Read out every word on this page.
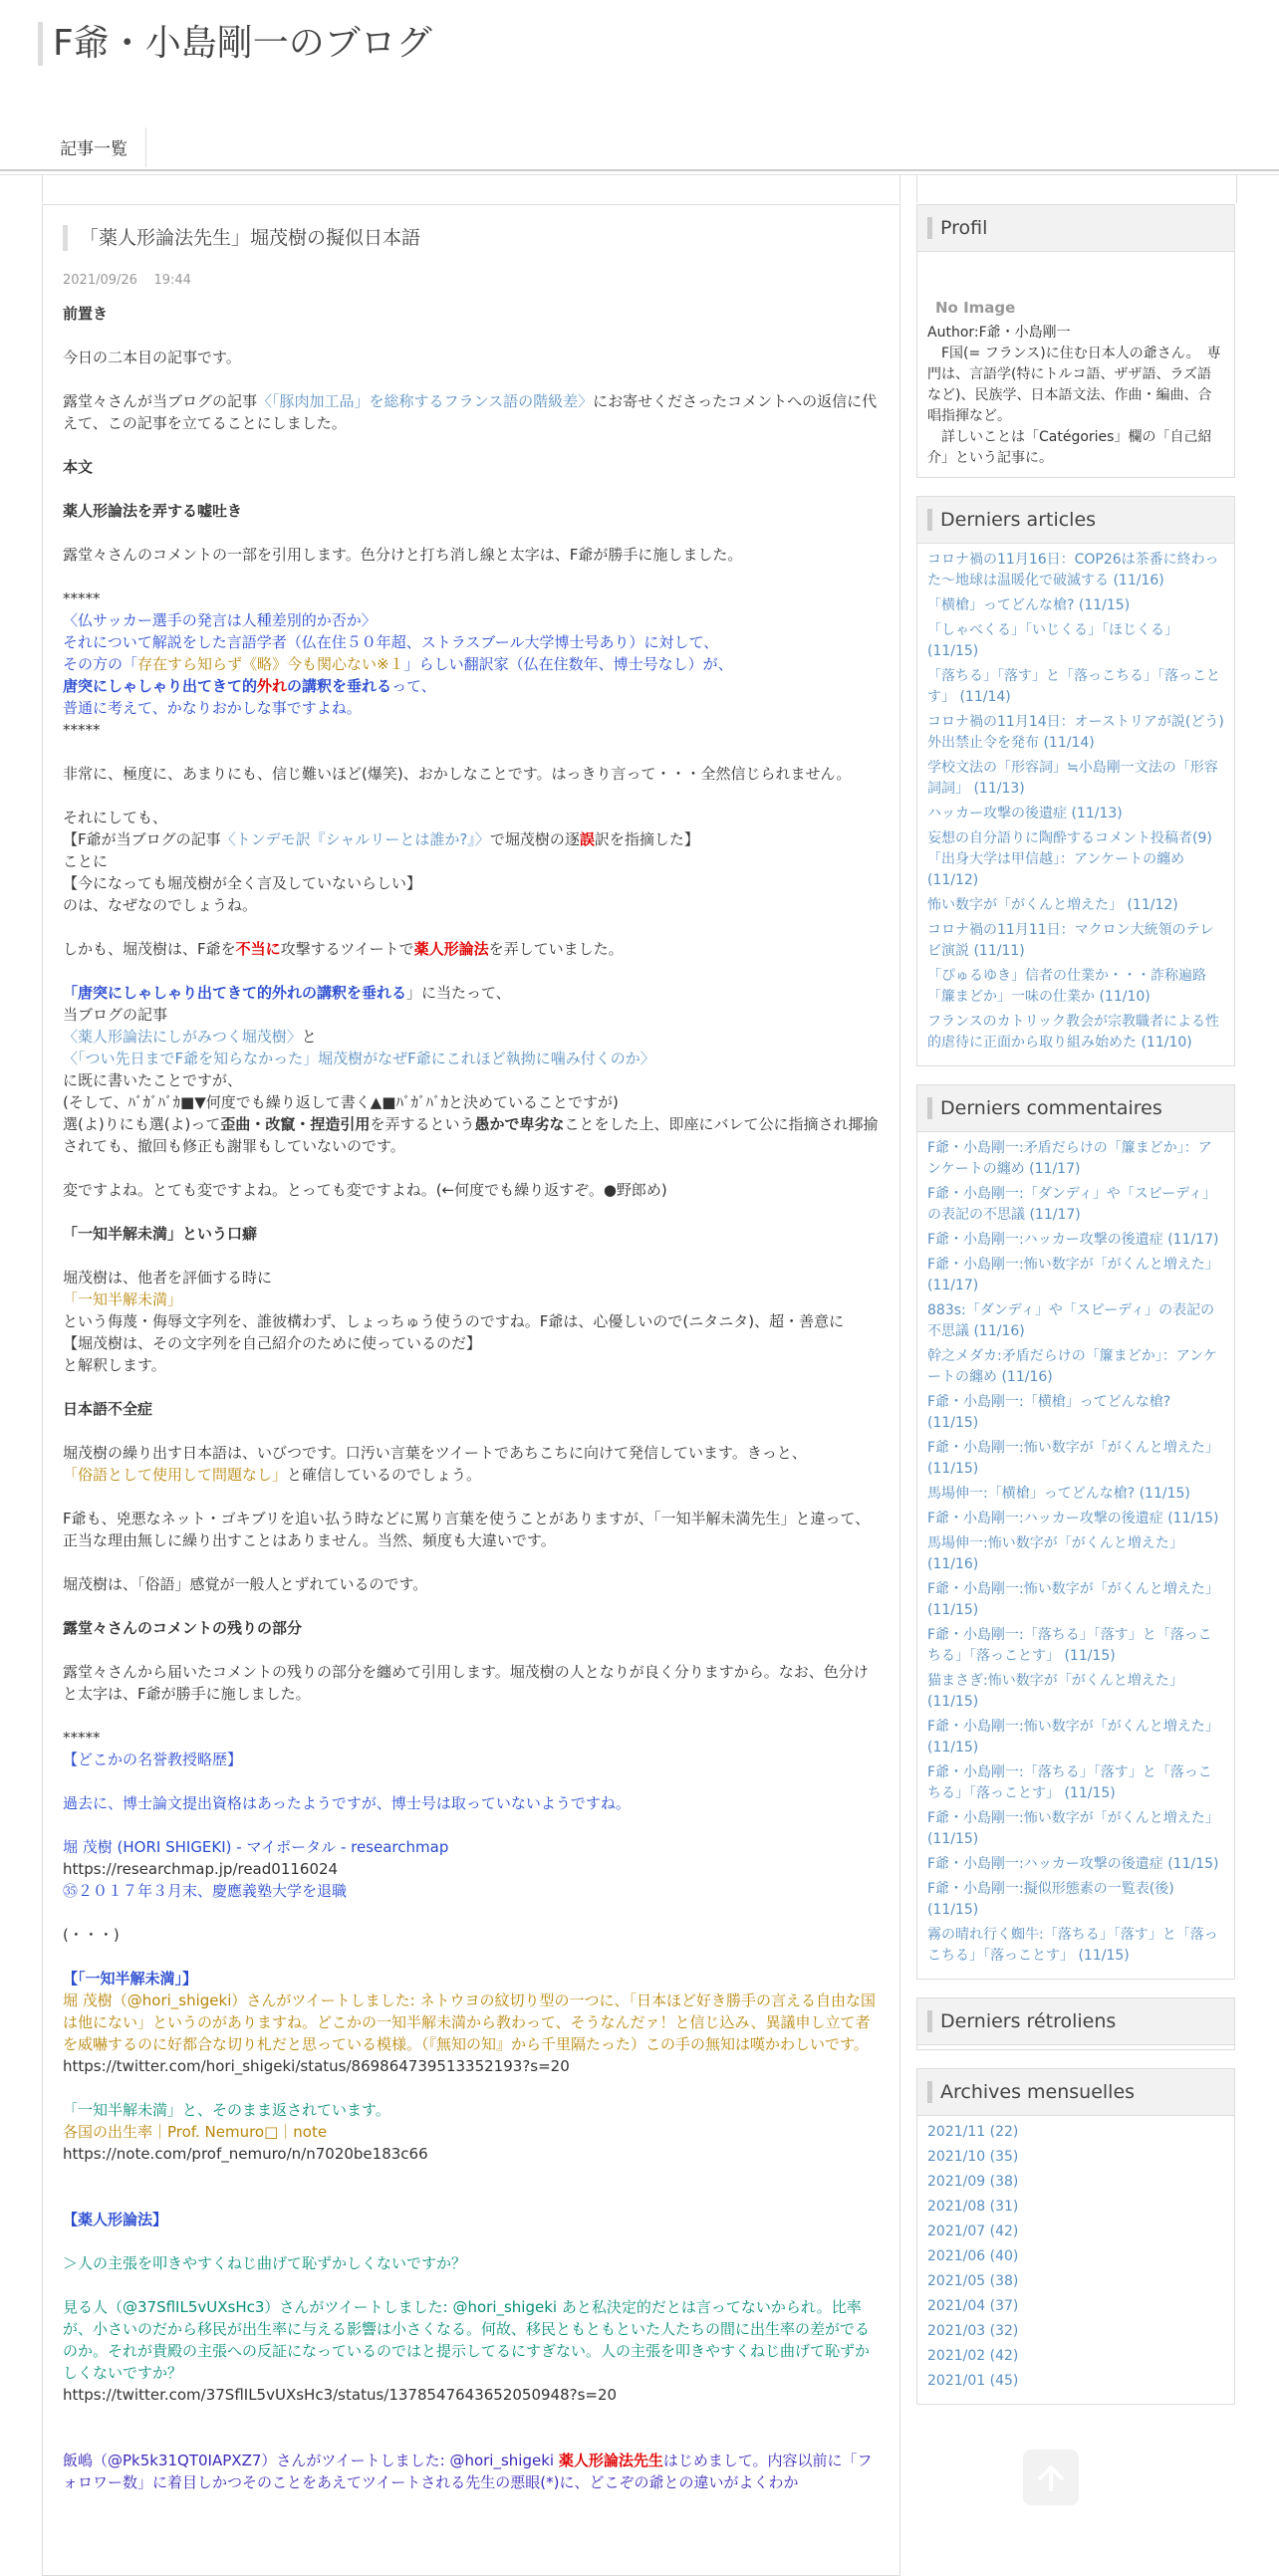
F爺・小島剛一のブログ
記事一覧
「薬人形論法先生」堀茂樹の擬似日本語
2021/09/26 19:44

前置き

今日の二本目の記事です。

露堂々さんが当ブログの記事〈「豚肉加工品」を総称するフランス語の階級差〉にお寄せくださったコメントへの返信に代えて、この記事を立てることにしました。

本文

薬人形論法を弄する嘘吐き

露堂々さんのコメントの一部を引用します。色分けと打ち消し線と太字は、F爺が勝手に施しました。

*****

〈仏サッカー選手の発言は人種差別的か否か〉

それについて解説をした言語学者（仏在住５０年超、ストラスブール大学博士号あり）に対して、

その方の「存在すら知らず《略》今も関心ない※１」らしい翻訳家（仏在住数年、博士号なし）が、

唐突にしゃしゃり出てきて的外れの講釈を垂れるって、

普通に考えて、かなりおかしな事ですよね。

*****

非常に、極度に、あまりにも、信じ難いほど(爆笑)、おかしなことです。はっきり言って・・・全然信じられません。

それにしても、

【F爺が当ブログの記事〈トンデモ訳『シャルリーとは誰か?』〉で堀茂樹の逐誤訳を指摘した】

ことに

【今になっても堀茂樹が全く言及していないらしい】

のは、なぜなのでしょうね。

しかも、堀茂樹は、F爺を不当に攻撃するツイートで薬人形論法を弄していました。

「唐突にしゃしゃり出てきて的外れの講釈を垂れる」に当たって、

当ブログの記事

〈薬人形論法にしがみつく堀茂樹〉と

〈「つい先日までF爺を知らなかった」堀茂樹がなぜF爺にこれほど執拗に噛み付くのか〉

に既に書いたことですが、

(そして、ﾊﾞｶﾞﾊﾞｶ■▼何度でも繰り返して書く▲■ﾊﾞｶﾞﾊﾞｶと決めていることですが)

選(よ)りにも選(よ)って歪曲・改竄・捏造引用を弄するという愚かで卑劣なことをした上、即座にバレて公に指摘され揶揄されても、撤回も修正も謝罪もしていないのです。

変ですよね。とても変ですよね。とっても変ですよね。(←何度でも繰り返すぞ。●野郎め)

「一知半解未満」という口癖

堀茂樹は、他者を評価する時に

「一知半解未満」

という侮蔑・侮辱文字列を、誰彼構わず、しょっちゅう使うのですね。F爺は、心優しいので(ニタニタ)、超・善意に

【堀茂樹は、その文字列を自己紹介のために使っているのだ】

と解釈します。

日本語不全症

堀茂樹の繰り出す日本語は、いびつです。口汚い言葉をツイートであちこちに向けて発信しています。きっと、

「俗語として使用して問題なし」と確信しているのでしょう。

F爺も、兇悪なネット・ゴキブリを追い払う時などに罵り言葉を使うことがありますが、「一知半解未満先生」と違って、正当な理由無しに繰り出すことはありません。当然、頻度も大違いです。

堀茂樹は、「俗語」感覚が一般人とずれているのです。

露堂々さんのコメントの残りの部分

露堂々さんから届いたコメントの残りの部分を纏めて引用します。堀茂樹の人となりが良く分りますから。なお、色分けと太字は、F爺が勝手に施しました。

*****

【どこかの名誉教授略歴】

過去に、博士論文提出資格はあったようですが、博士号は取っていないようですね。

堀 茂樹 (HORI SHIGEKI) - マイポータル - researchmap

https://researchmap.jp/read0116024

㉟２０１７年３月末、慶應義塾大学を退職

(・・・)

【「一知半解未満」】

堀 茂樹（@hori_shigeki）さんがツイートしました: ネトウヨの紋切り型の一つに、「日本ほど好き勝手の言える自由な国は他にない」というのがありますね。どこかの一知半解未満から教わって、そうなんだァ！と信じ込み、異議申し立て者を威嚇するのに好都合な切り札だと思っている模様。（『無知の知』から千里隔たった）この手の無知は嘆かわしいです。

https://twitter.com/hori_shigeki/status/869864739513352193?s=20

「一知半解未満」と、そのまま返されています。

各国の出生率｜Prof. Nemuro□｜note

https://note.com/prof_nemuro/n/n7020be183c66

【薬人形論法】

＞人の主張を叩きやすくねじ曲げて恥ずかしくないですか？

見る人（@37SflIL5vUXsHc3）さんがツイートしました: @hori_shigeki あと私決定的だとは言ってないかられ。比率が、小さいのだから移民が出生率に与える影響は小さくなる。何故、移民ともともといた人たちの間に出生率の差がでるのか。それが貴殿の主張への反証になっているのではと提示してるにすぎない。人の主張を叩きやすくねじ曲げて恥ずかしくないですか？

https://twitter.com/37SflIL5vUXsHc3/status/1378547643652050948?s=20

飯嶋（@Pk5k31QT0IAPXZ7）さんがツイートしました: @hori_shigeki 薬人形論法先生はじめまして。内容以前に「フォロワー数」に着目しかつそのことをあえてツイートされる先生の悪眼(*)に、どこぞの爺との違いがよくわか

Profil
No Image
Author:F爺・小島剛一
　F国(= フランス)に住む日本人の爺さん。　専門は、言語学(特にトルコ語、ザザ語、ラズ語など)、民族学、日本語文法、作曲・編曲、合唱指揮など。
　詳しいことは「Catégories」欄の「自己紹介」という記事に。
Derniers articles
コロナ禍の11月16日：COP26は茶番に終わった〜地球は温暖化で破滅する (11/16)
「横槍」ってどんな槍? (11/15)
「しゃべくる」「いじくる」「ほじくる」 (11/15)
「落ちる」「落す」と「落っこちる」「落っことす」 (11/14)
コロナ禍の11月14日：オーストリアが説(どう)外出禁止令を発布 (11/14)
学校文法の「形容詞」≒小島剛一文法の「形容詞詞」 (11/13)
ハッカー攻撃の後遺症 (11/13)
妄想の自分語りに陶酔するコメント投稿者(9)「出身大学は甲信越」：アンケートの纏め (11/12)
怖い数字が「がくんと増えた」 (11/12)
コロナ禍の11月11日：マクロン大統領のテレビ演説 (11/11)
「ぴゅるゆき」信者の仕業か・・・詐称遍路「簾まどか」一味の仕業か (11/10)
フランスのカトリック教会が宗教職者による性的虐待に正面から取り組み始めた (11/10)
Derniers commentaires
F爺・小島剛一:矛盾だらけの「簾まどか」：アンケートの纏め (11/17)
F爺・小島剛一:「ダンディ」や「スピーディ」の表記の不思議 (11/17)
F爺・小島剛一:ハッカー攻撃の後遺症 (11/17)
F爺・小島剛一:怖い数字が「がくんと増えた」 (11/17)
883s:「ダンディ」や「スピーディ」の表記の不思議 (11/16)
幹之メダカ:矛盾だらけの「簾まどか」：アンケートの纏め (11/16)
F爺・小島剛一:「横槍」ってどんな槍? (11/15)
F爺・小島剛一:怖い数字が「がくんと増えた」 (11/15)
馬場伸一:「横槍」ってどんな槍? (11/15)
F爺・小島剛一:ハッカー攻撃の後遺症 (11/15)
馬場伸一:怖い数字が「がくんと増えた」 (11/16)
F爺・小島剛一:怖い数字が「がくんと増えた」 (11/15)
F爺・小島剛一:「落ちる」「落す」と「落っこちる」「落っことす」 (11/15)
猫まさぎ:怖い数字が「がくんと増えた」 (11/15)
F爺・小島剛一:怖い数字が「がくんと増えた」 (11/15)
F爺・小島剛一:「落ちる」「落す」と「落っこちる」「落っことす」 (11/15)
F爺・小島剛一:怖い数字が「がくんと増えた」 (11/15)
F爺・小島剛一:ハッカー攻撃の後遺症 (11/15)
F爺・小島剛一:擬似形態素の一覧表(後) (11/15)
霧の晴れ行く蜘牛:「落ちる」「落す」と「落っこちる」「落っことす」 (11/15)
Derniers rétroliens
Archives mensuelles
2021/11 (22)
2021/10 (35)
2021/09 (38)
2021/08 (31)
2021/07 (42)
2021/06 (40)
2021/05 (38)
2021/04 (37)
2021/03 (32)
2021/02 (42)
2021/01 (45)
